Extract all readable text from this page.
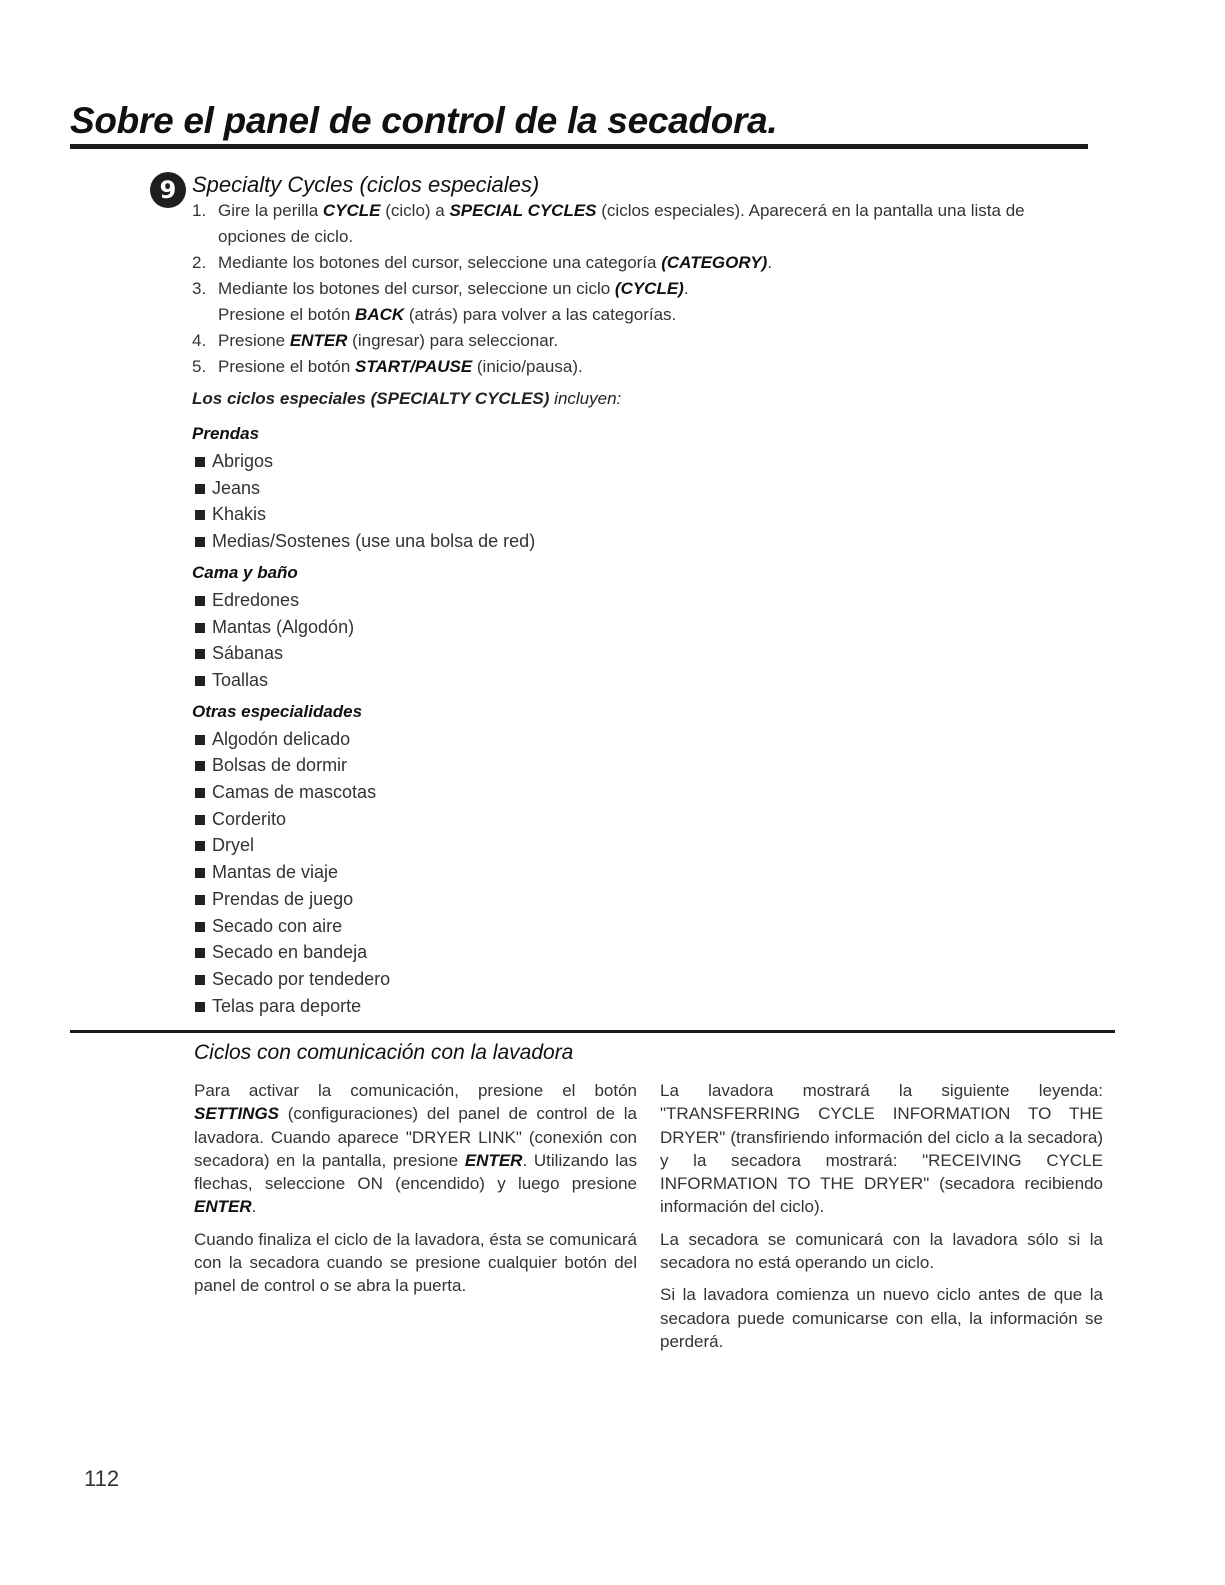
Sobre el panel de control de la secadora.
9 Specialty Cycles (ciclos especiales)
1. Gire la perilla CYCLE (ciclo) a SPECIAL CYCLES (ciclos especiales). Aparecerá en la pantalla una lista de opciones de ciclo.
2. Mediante los botones del cursor, seleccione una categoría (CATEGORY).
3. Mediante los botones del cursor, seleccione un ciclo (CYCLE).
Presione el botón BACK (atrás) para volver a las categorías.
4. Presione ENTER (ingresar) para seleccionar.
5. Presione el botón START/PAUSE (inicio/pausa).
Los ciclos especiales (SPECIALTY CYCLES) incluyen:
Prendas
Abrigos
Jeans
Khakis
Medias/Sostenes (use una bolsa de red)
Cama y baño
Edredones
Mantas (Algodón)
Sábanas
Toallas
Otras especialidades
Algodón delicado
Bolsas de dormir
Camas de mascotas
Corderito
Dryel
Mantas de viaje
Prendas de juego
Secado con aire
Secado en bandeja
Secado por tendedero
Telas para deporte
Ciclos con comunicación con la lavadora

Para activar la comunicación, presione el botón SETTINGS (configuraciones) del panel de control de la lavadora. Cuando aparece "DRYER LINK" (conexión con secadora) en la pantalla, presione ENTER. Utilizando las flechas, seleccione ON (encendido) y luego presione ENTER.

Cuando finaliza el ciclo de la lavadora, ésta se comunicará con la secadora cuando se presione cualquier botón del panel de control o se abra la puerta.

La lavadora mostrará la siguiente leyenda: "TRANSFERRING CYCLE INFORMATION TO THE DRYER" (transfiriendo información del ciclo a la secadora) y la secadora mostrará: "RECEIVING CYCLE INFORMATION TO THE DRYER" (secadora recibiendo información del ciclo).

La secadora se comunicará con la lavadora sólo si la secadora no está operando un ciclo.

Si la lavadora comienza un nuevo ciclo antes de que la secadora puede comunicarse con ella, la información se perderá.

112
